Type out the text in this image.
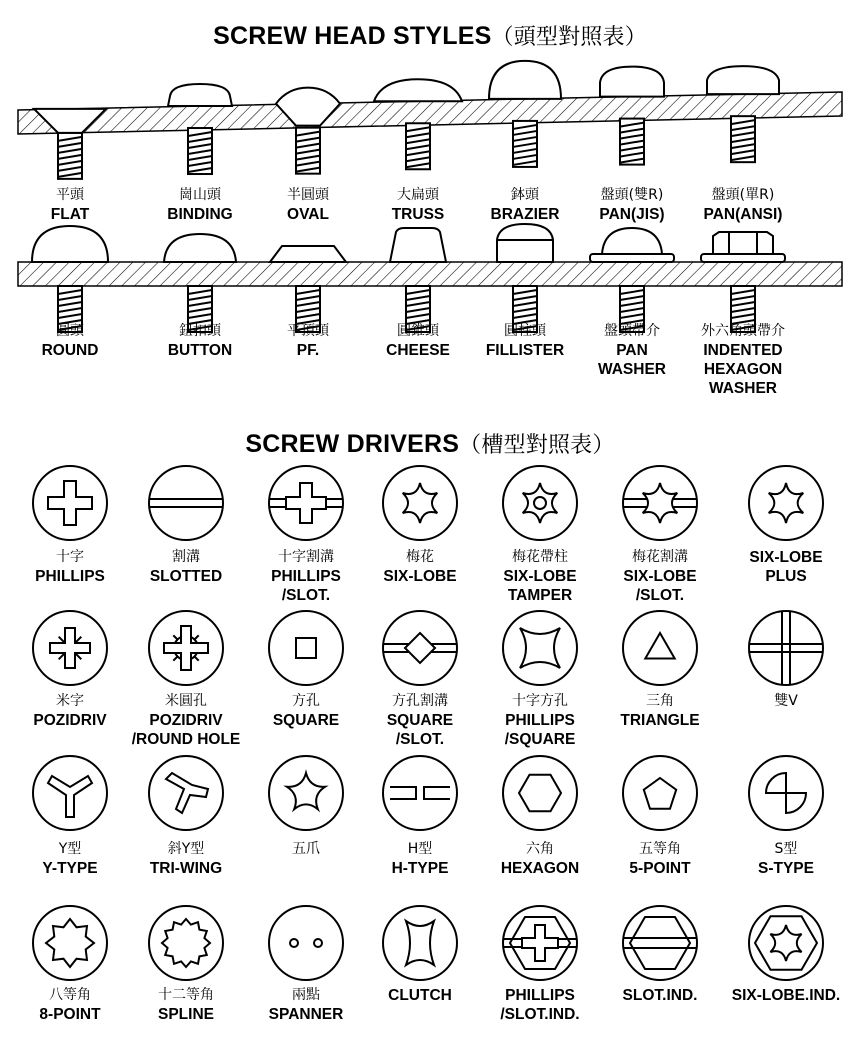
SCREW HEAD STYLES（頭型對照表）
SCREW DRIVERS（槽型對照表）
平頭
FLAT
崗山頭
BINDING
半圓頭
OVAL
大扁頭
TRUSS
鉢頭
BRAZIER
盤頭(雙R)
PAN(JIS)
盤頭(單R)
PAN(ANSI)
圓頭
ROUND
鈕扣頭
BUTTON
平頂頭
PF.
圓錐頭
CHEESE
圓柱頭
FILLISTER
盤頭帶介
PAN
WASHER
外六角頭帶介
INDENTED
HEXAGON
WASHER
十字
PHILLIPS
割溝
SLOTTED
十字割溝
PHILLIPS
/SLOT.
梅花
SIX-LOBE
梅花帶柱
SIX-LOBE
TAMPER
梅花割溝
SIX-LOBE
/SLOT.
SIX-LOBE
PLUS
米字
POZIDRIV
米圓孔
POZIDRIV
/ROUND HOLE
方孔
SQUARE
方孔割溝
SQUARE
/SLOT.
十字方孔
PHILLIPS
/SQUARE
三角
TRIANGLE
雙V
Y型
Y-TYPE
斜Y型
TRI-WING
五爪	H型
H-TYPE
六角
HEXAGON
五等角
5-POINT
S型
S-TYPE
八等角
8-POINT
十二等角
SPLINE
兩點
SPANNER
CLUTCH	PHILLIPS
/SLOT.IND.
SLOT.IND.	SIX-LOBE.IND.
